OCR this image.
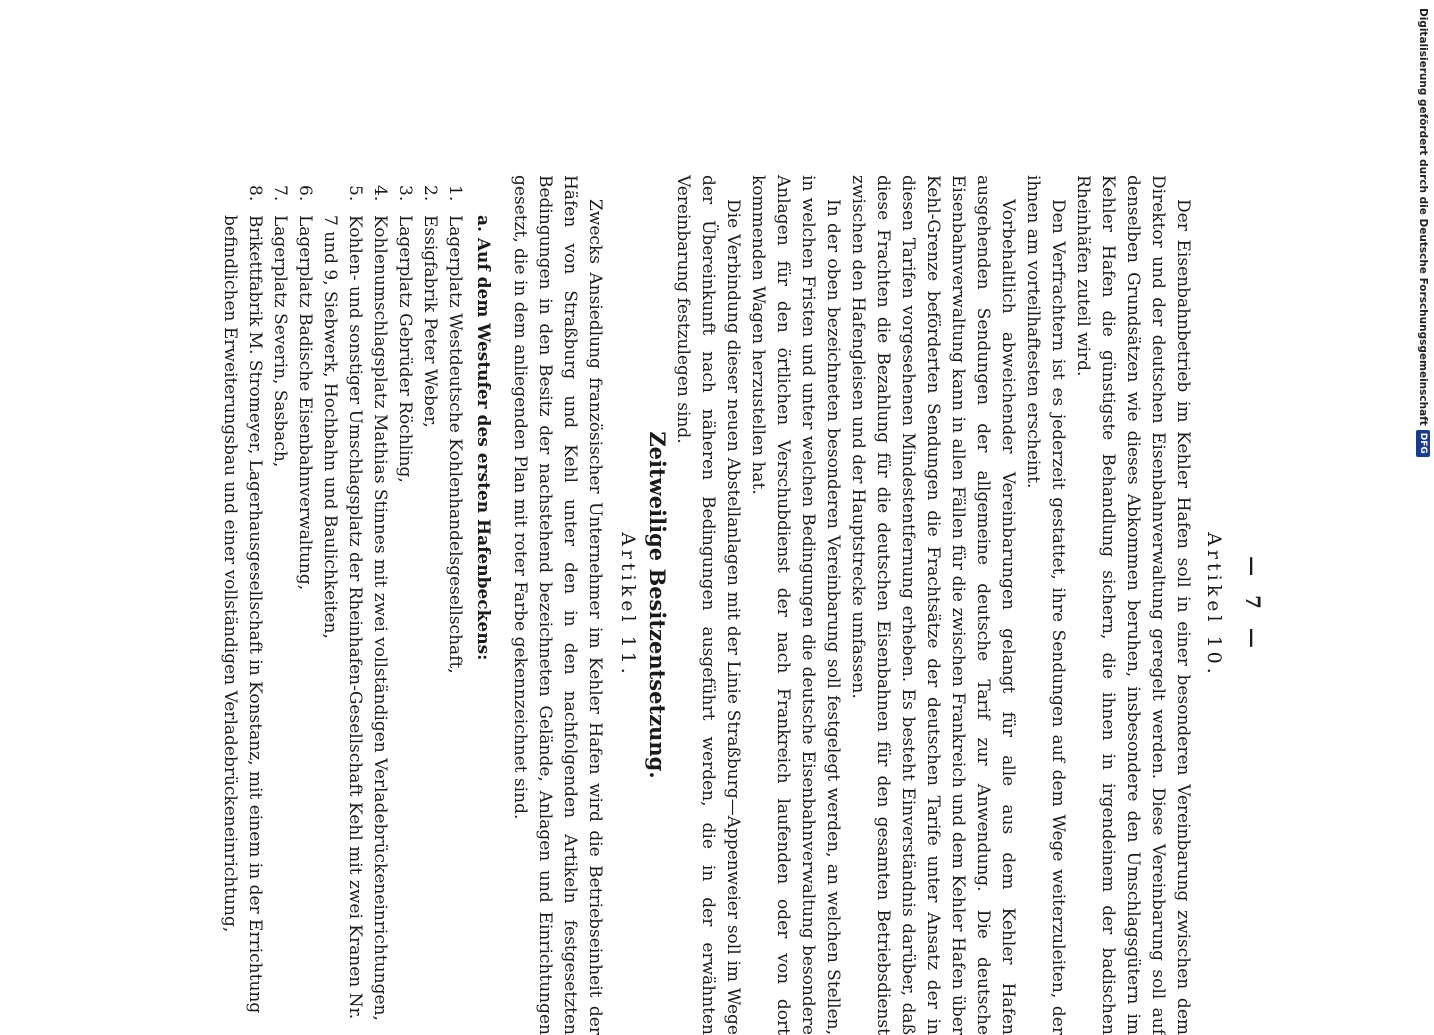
— 7 —

Artikel 10.

Der Eisenbahnbetrieb im Kehler Hafen soll in einer besonderen Vereinbarung zwischen dem Direktor und der deutschen Eisenbahnverwaltung geregelt werden. Diese Vereinbarung soll auf denselben Grundsätzen wie dieses Abkommen beruhen, insbesondere den Umschlagsgütern im Kehler Hafen die günstigste Behandlung sichern, die ihnen in irgendeinem der badischen Rheinhäfen zuteil wird.

Den Verfrachtern ist es jederzeit gestattet, ihre Sendungen auf dem Wege weiterzuleiten, der ihnen am vorteilhaftesten erscheint.

Vorbehaltlich abweichender Vereinbarungen gelangt für alle aus dem Kehler Hafen ausgehenden Sendungen der allgemeine deutsche Tarif zur Anwendung. Die deutsche Eisenbahnverwaltung kann in allen Fällen für die zwischen Frankreich und dem Kehler Hafen über Kehl-Grenze beförderten Sendungen die Frachtsätze der deutschen Tarife unter Ansatz der in diesen Tarifen vorgesehenen Mindestentfernung erheben. Es besteht Einverständnis darüber, daß diese Frachten die Bezahlung für die deutschen Eisenbahnen für den gesamten Betriebsdienst zwischen den Hafengleisen und der Hauptstrecke umfassen.

In der oben bezeichneten besonderen Vereinbarung soll festgelegt werden, an welchen Stellen, in welchen Fristen und unter welchen Bedingungen die deutsche Eisenbahnverwaltung besondere Anlagen für den örtlichen Verschubdienst der nach Frankreich laufenden oder von dort kommenden Wagen herzustellen hat.

Die Verbindung dieser neuen Abstellanlagen mit der Linie Straßburg—Appenweier soll im Wege der Übereinkunft nach näheren Bedingungen ausgeführt werden, die in der erwähnten Vereinbarung festzulegen sind.

Zeitweilige Besitzentsetzung.

Artikel 11.

Zwecks Ansiedlung französischer Unternehmer im Kehler Hafen wird die Betriebseinheit der Häfen von Straßburg und Kehl unter den in den nachfolgenden Artikeln festgesetzten Bedingungen in den Besitz der nachstehend bezeichneten Gelände, Anlagen und Einrichtungen gesetzt, die in dem anliegenden Plan mit roter Farbe gekennzeichnet sind.

a. Auf dem Westufer des ersten Hafenbeckens:

1.
Lagerplatz Westdeutsche Kohlenhandelsgesellschaft,
2.
Essigfabrik Peter Weber,
3.
Lagerplatz Gebrüder Röchling,
4.
Kohlenumschlagsplatz Mathias Stinnes mit zwei vollständigen Verladebrückeneinrichtungen,
5.
Kohlen- und sonstiger Umschlagsplatz der Rheinhafen-Gesellschaft Kehl mit zwei Kranen Nr. 7 und 9, Siebwerk, Hochbahn und Baulichkeiten,
6.
Lagerplatz Badische Eisenbahnverwaltung,
7.
Lagerplatz Severin, Sasbach,
8.
Brikettfabrik M. Stromeyer, Lagerhausgesellschaft in Konstanz, mit einem in der Errichtung befindlichen Erweiterungsbau und einer vollständigen Verladebrückeneinrichtung,	Digitalisierung gefördert durch die Deutsche Forschungsgemeinschaft
DFG
